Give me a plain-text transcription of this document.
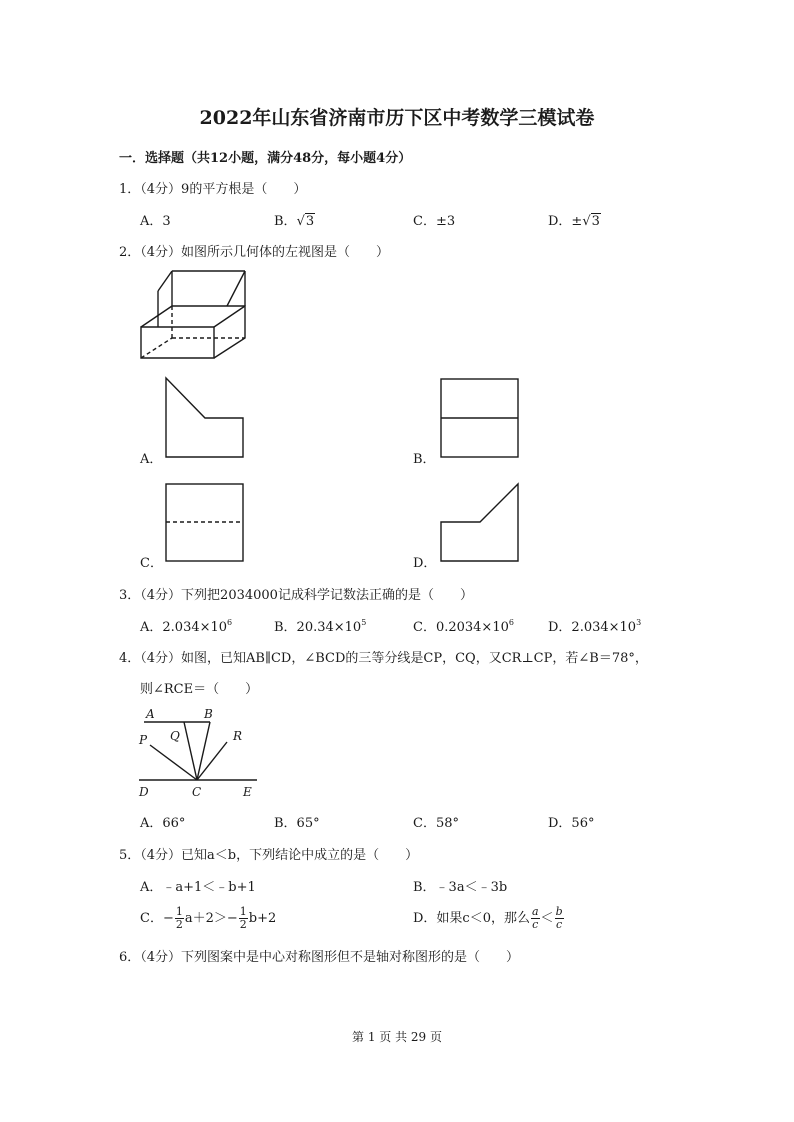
2022年山东省济南市历下区中考数学三模试卷
一．选择题（共12小题，满分48分，每小题4分）
1．（4分）9的平方根是（　　）
A．3	B．√3	C．±3	D．±√3
2．（4分）如图所示几何体的左视图是（　　）
A	B
P Q	R
D	C	E
A．	B．
C．	D．
3．（4分）下列把2034000记成科学记数法正确的是（　　）
A．$2.034\times 10^6$	B．$20.34\times 10^5$	C．$0.2034\times 10^6$	D．$2.034\times 10^3$
4．（4分）如图，已知AB∥CD，∠BCD的三等分线是CP，CQ，又CR⊥CP，若∠B＝78°，
则∠RCE＝（　　）
A．66°	B．65°	C．58°	D．56°
5．（4分）已知a＜b，下列结论中成立的是（　　）
A．﹣a+1＜﹣b+1	B．﹣3a＜﹣3b
C．− $\frac{1}{2} a+2>- \frac{1}{2} b+2$	D．如果c＜0，那么 $\frac{a}{c} < \frac{b}{c}$
6．（4分）下列图案中是中心对称图形但不是轴对称图形的是（　　）
第 1 页 共 29 页
